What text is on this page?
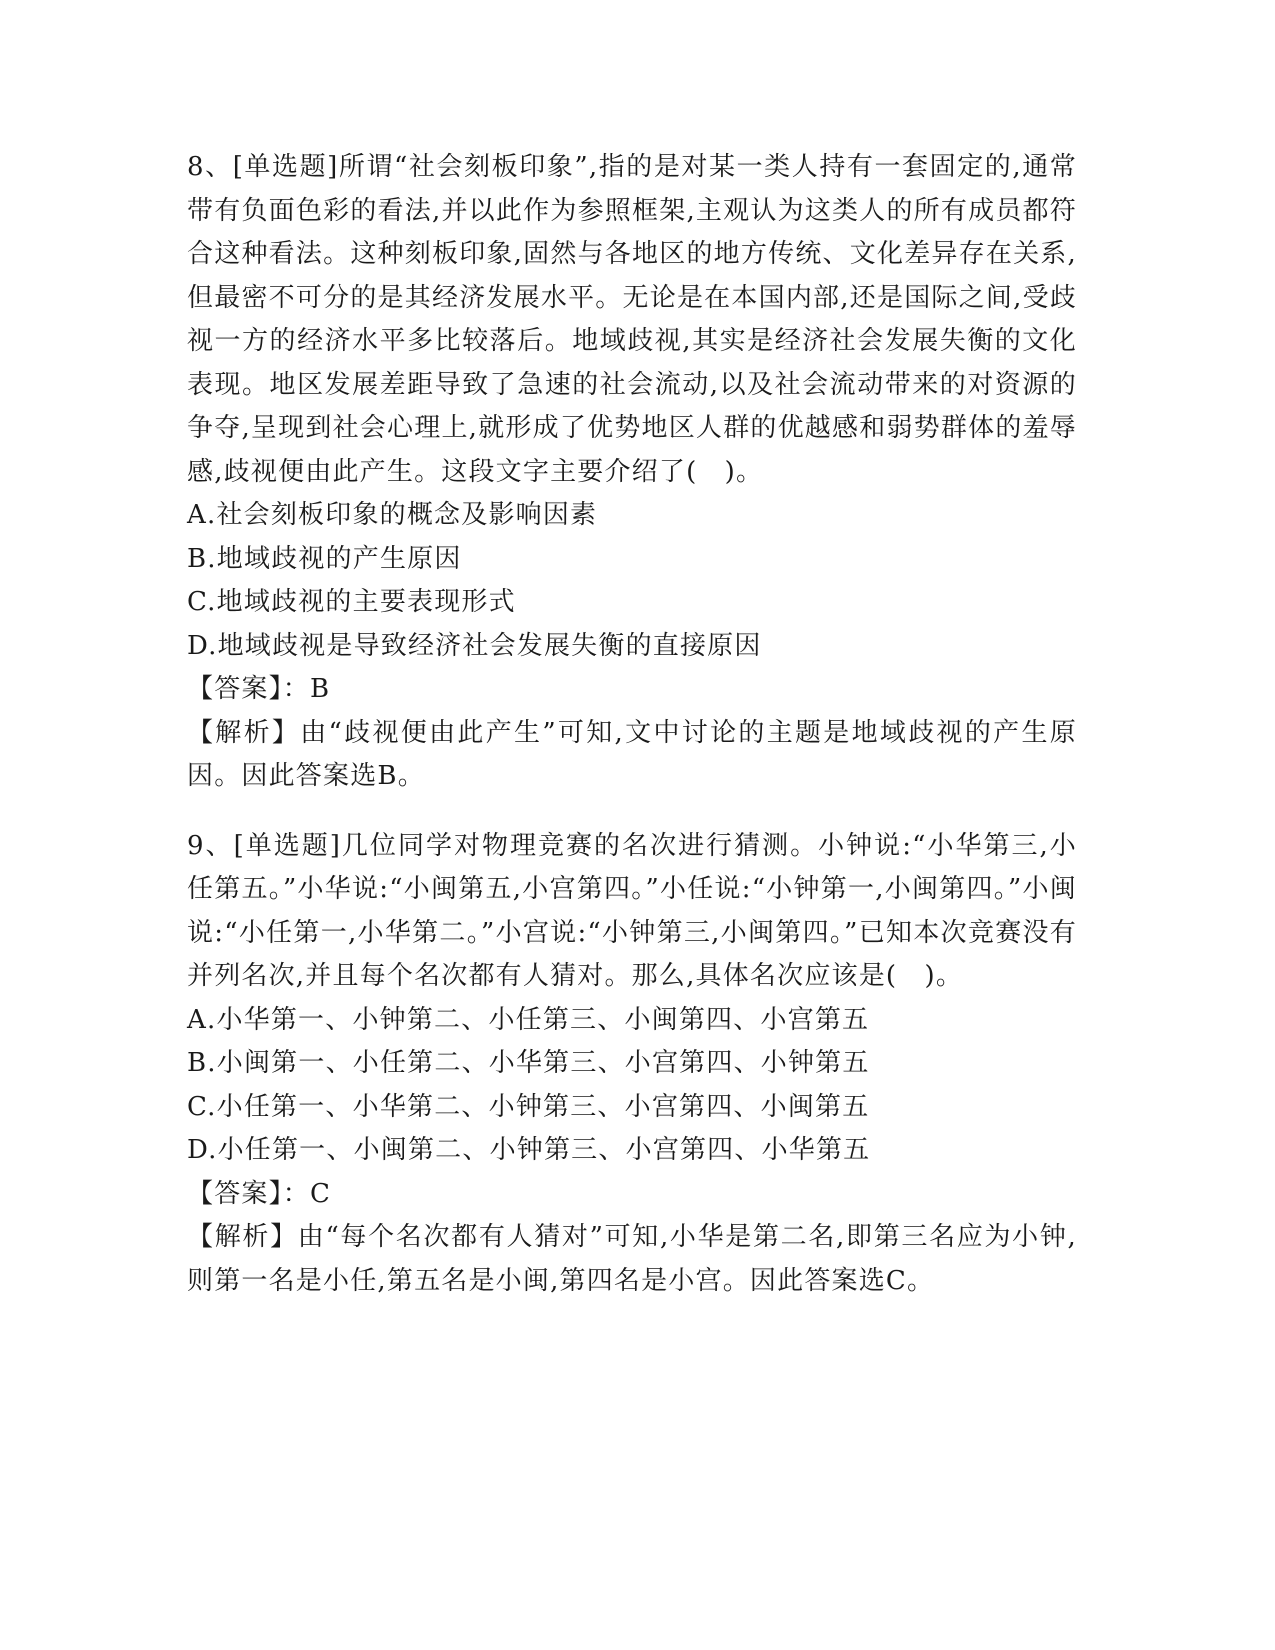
8、[单选题]所谓“社会刻板印象”,指的是对某一类人持有一套固定的,通常带有负面色彩的看法,并以此作为参照框架,主观认为这类人的所有成员都符合这种看法。这种刻板印象,固然与各地区的地方传统、文化差异存在关系,但最密不可分的是其经济发展水平。无论是在本国内部,还是国际之间,受歧视一方的经济水平多比较落后。地域歧视,其实是经济社会发展失衡的文化表现。地区发展差距导致了急速的社会流动,以及社会流动带来的对资源的争夺,呈现到社会心理上,就形成了优势地区人群的优越感和弱势群体的羞辱感,歧视便由此产生。这段文字主要介绍了(　)。

A.社会刻板印象的概念及影响因素

B.地域歧视的产生原因

C.地域歧视的主要表现形式

D.地域歧视是导致经济社会发展失衡的直接原因

【答案】：B

【解析】由“歧视便由此产生”可知,文中讨论的主题是地域歧视的产生原因。因此答案选B。

9、[单选题]几位同学对物理竞赛的名次进行猜测。小钟说:“小华第三,小任第五。”小华说:“小闽第五,小宫第四。”小任说:“小钟第一,小闽第四。”小闽说:“小任第一,小华第二。”小宫说:“小钟第三,小闽第四。”已知本次竞赛没有并列名次,并且每个名次都有人猜对。那么,具体名次应该是(　)。

A.小华第一、小钟第二、小任第三、小闽第四、小宫第五

B.小闽第一、小任第二、小华第三、小宫第四、小钟第五

C.小任第一、小华第二、小钟第三、小宫第四、小闽第五

D.小任第一、小闽第二、小钟第三、小宫第四、小华第五

【答案】：C

【解析】由“每个名次都有人猜对”可知,小华是第二名,即第三名应为小钟,则第一名是小任,第五名是小闽,第四名是小宫。因此答案选C。
